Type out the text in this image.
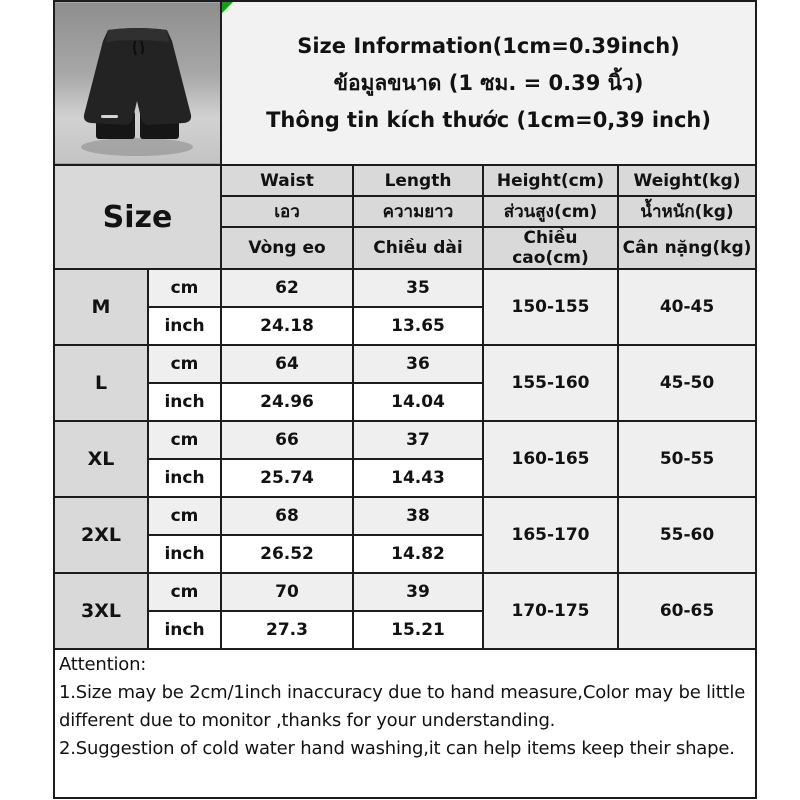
Size Information(1cm=0.39inch)
ข้อมูลขนาด (1 ซม. = 0.39 นิ้ว)
Thông tin kích thước (1cm=0,39 inch)			

Size		Waist	Length	Height(cm)	Weight(kg)
		เอว	ความยาว	ส่วนสูง(cm)	น้ำหนัก(kg)
		Vòng eo	Chiều dài	Chiều cao(cm)	Cân nặng(kg)
M	cm	62	35	150-155	40-45
	inch	24.18	13.65		
L	cm	64	36	155-160	45-50
	inch	24.96	14.04		
XL	cm	66	37	160-165	50-55
	inch	25.74	14.43		
2XL	cm	68	38	165-170	55-60
	inch	26.52	14.82		
3XL	cm	70	39	170-175	60-65
	inch	27.3	15.21		

Attention:
1.Size may be 2cm/1inch inaccuracy due to hand measure,Color may be little different due to monitor ,thanks for your understanding.
2.Suggestion of cold water hand washing,it can help items keep their shape.					
